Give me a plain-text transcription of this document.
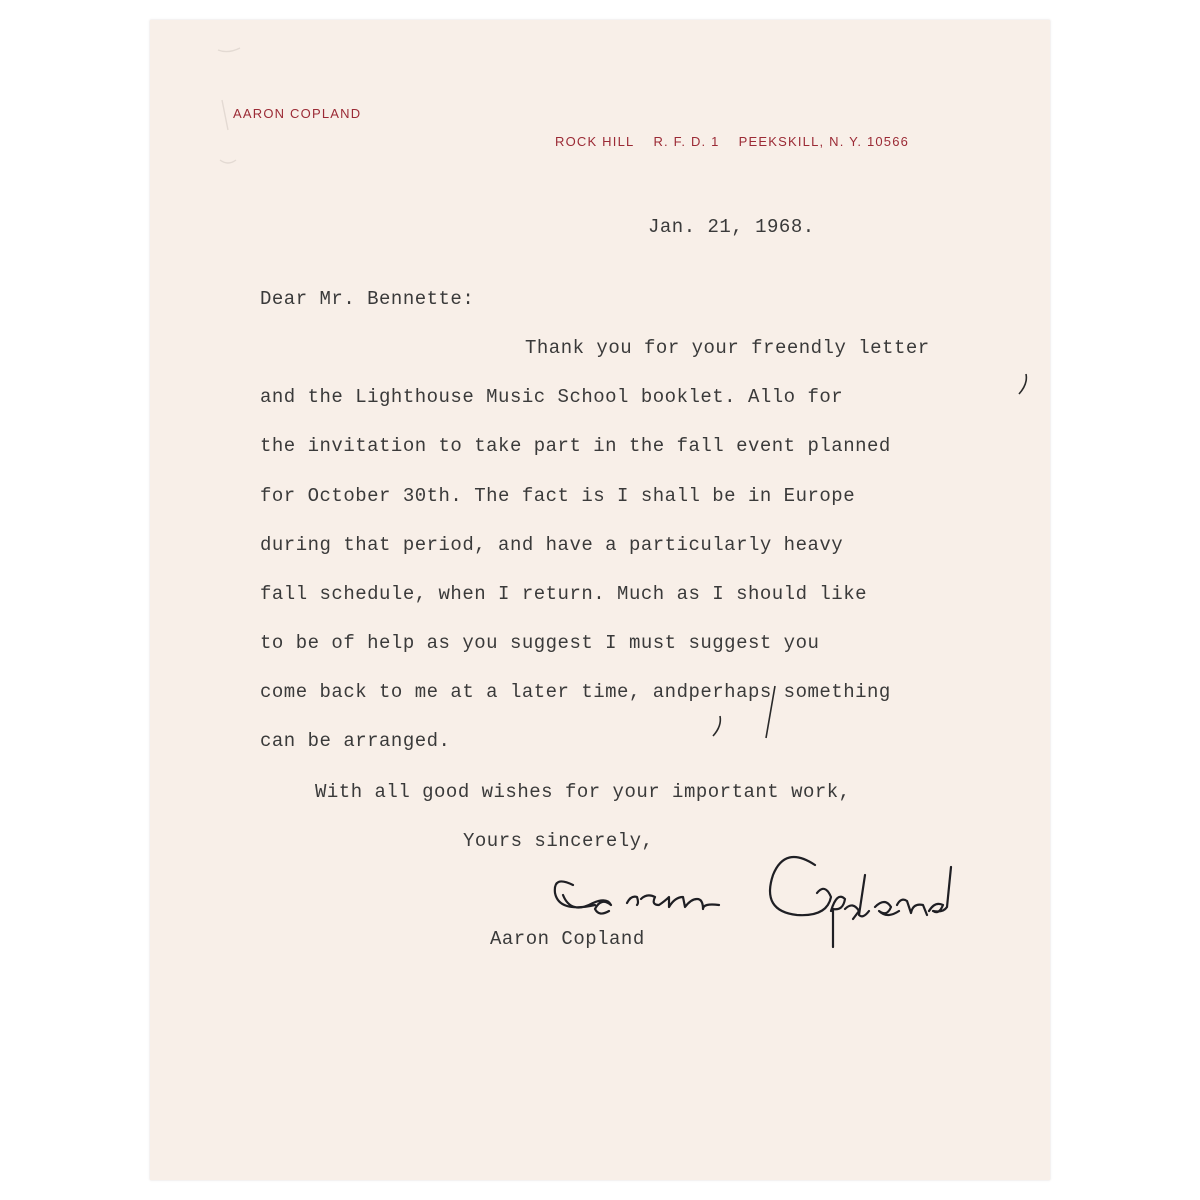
AARON COPLAND
ROCK HILL R. F. D. 1 PEEKSKILL, N. Y. 10566
Jan. 21, 1968.
Dear Mr. Bennette:
Thank you for your freendly letter
and the Lighthouse Music School booklet. Allo for
the invitation to take part in the fall event planned
for October 30th. The fact is I shall be in Europe
during that period, and have a particularly heavy
fall schedule, when I return. Much as I should like
to be of help as you suggest I must suggest you
come back to me at a later time, andperhaps something
can be arranged.
With all good wishes for your important work,
Yours sincerely,
Aaron Copland
